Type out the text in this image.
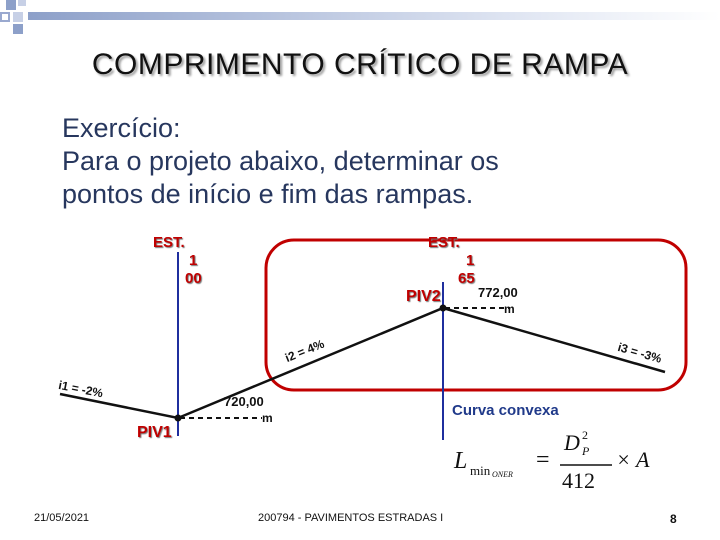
COMPRIMENTO CRÍTICO DE RAMPA
Exercício:
Para o projeto abaixo, determinar os
pontos de início e fim das rampas.
EST.
1
00
EST.
1
65
PIV2
PIV1
772,00
m
720,00
m
i1 = -2%
i2 = 4%	i3 = -3%
Curva convexa
L min ONER
=
D 2
P
412
× A
21/05/2021	200794 - PAVIMENTOS ESTRADAS I	8
